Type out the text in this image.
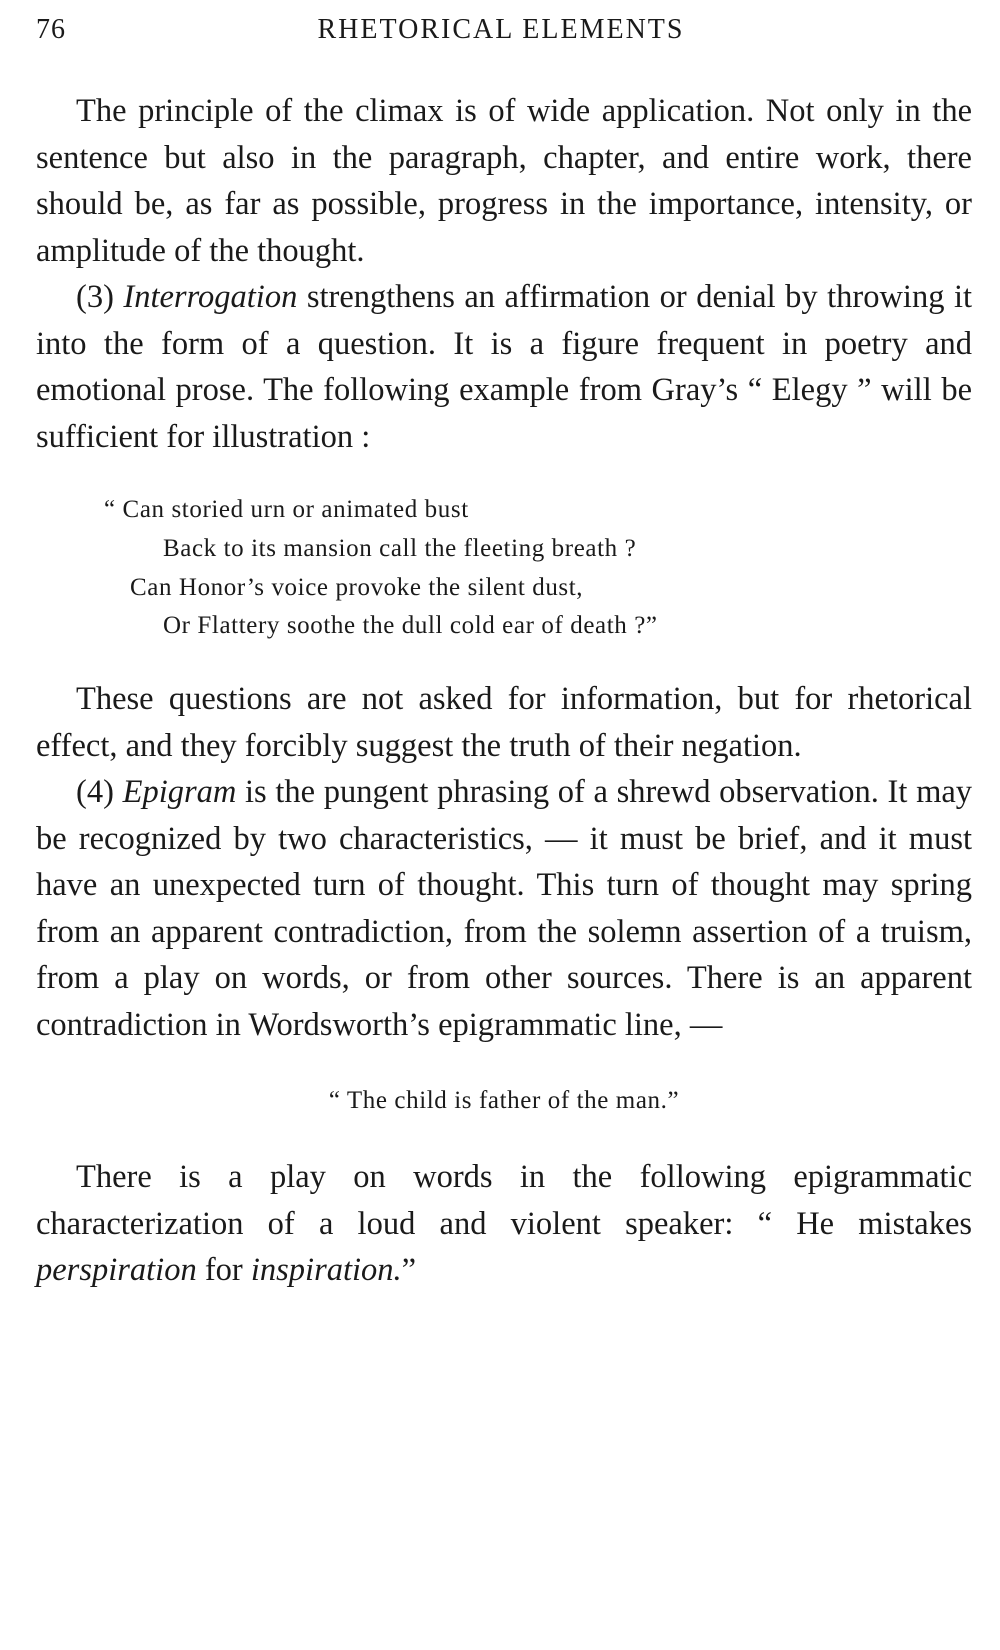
76	RHETORICAL ELEMENTS

The principle of the climax is of wide application. Not only in the sentence but also in the paragraph, chapter, and entire work, there should be, as far as possible, progress in the importance, intensity, or amplitude of the thought.

(3) Interrogation strengthens an affirmation or denial by throwing it into the form of a question. It is a figure frequent in poetry and emotional prose. The following example from Gray’s “ Elegy ” will be sufficient for illustration :

“ Can storied urn or animated bust
Back to its mansion call the fleeting breath ?
Can Honor’s voice provoke the silent dust,
Or Flattery soothe the dull cold ear of death ?”

These questions are not asked for information, but for rhetorical effect, and they forcibly suggest the truth of their negation.

(4) Epigram is the pungent phrasing of a shrewd observation. It may be recognized by two characteristics, — it must be brief, and it must have an unexpected turn of thought. This turn of thought may spring from an apparent contradiction, from the solemn assertion of a truism, from a play on words, or from other sources. There is an apparent contradiction in Wordsworth’s epigrammatic line, —

“ The child is father of the man.”

There is a play on words in the following epigrammatic characterization of a loud and violent speaker: “ He mistakes perspiration for inspiration.”
